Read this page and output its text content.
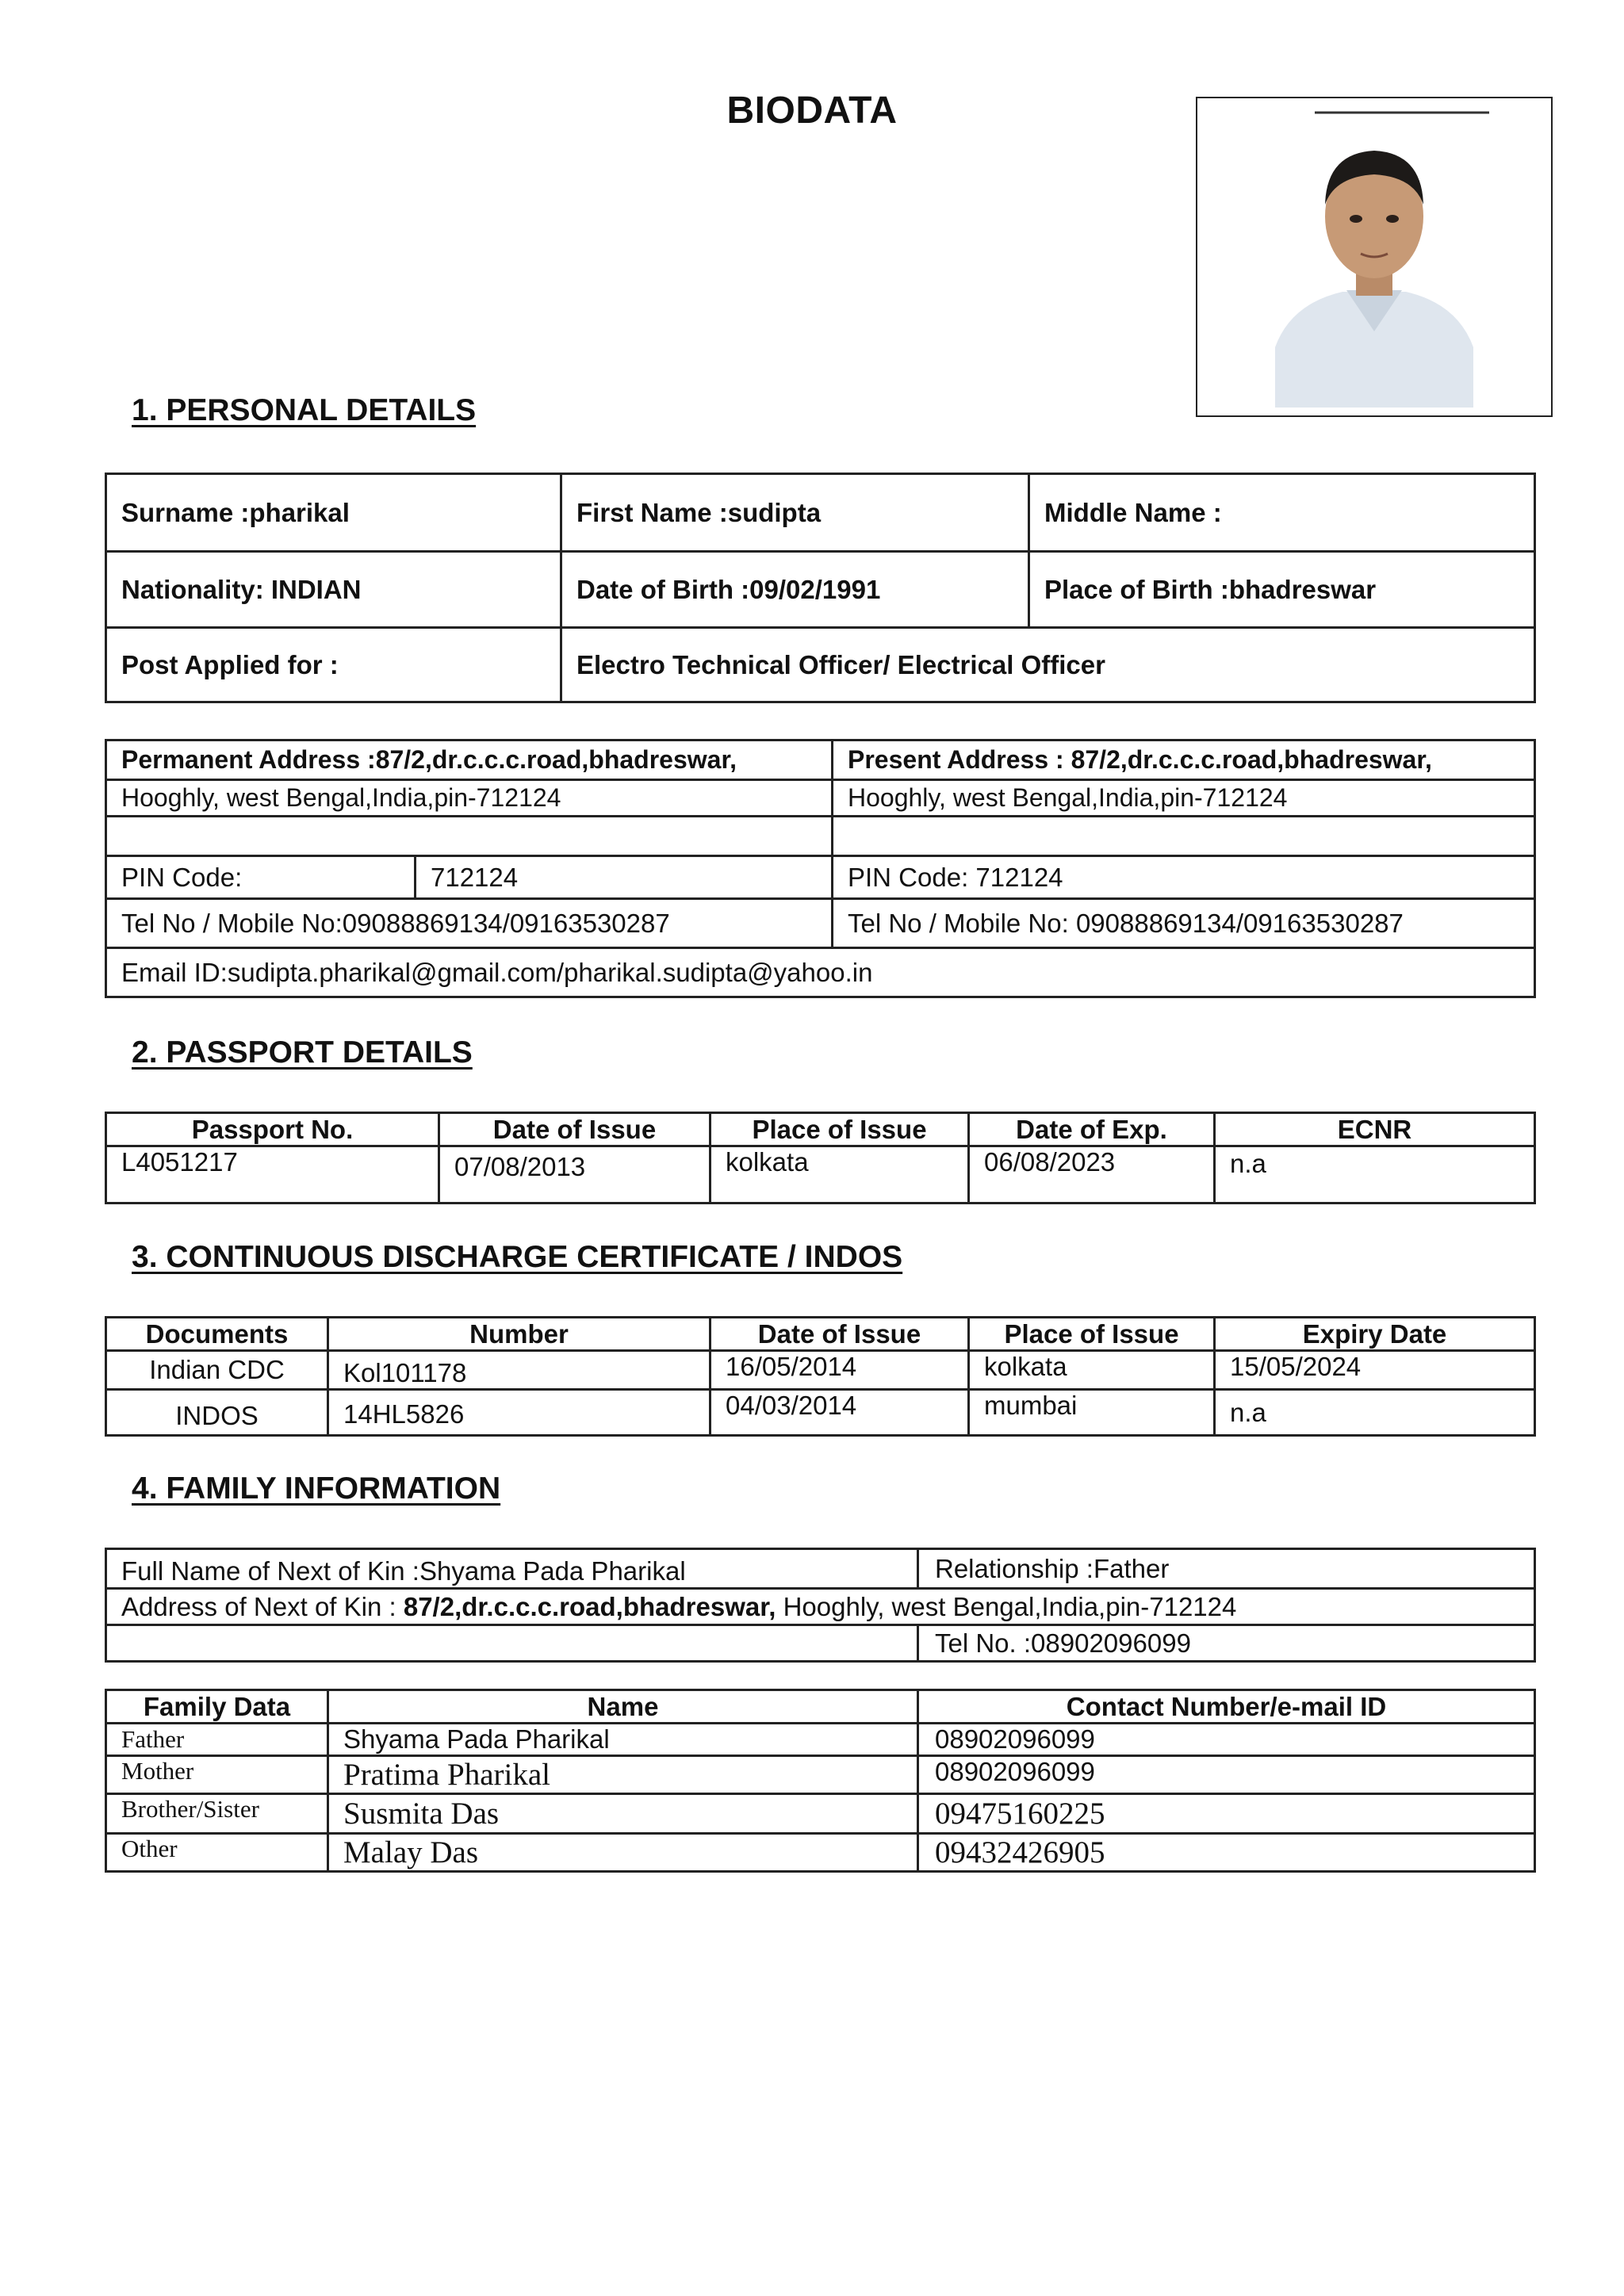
BIODATA
1. PERSONAL DETAILS
Surname :pharikal	First Name :sudipta	Middle Name :
Nationality: INDIAN	Date of Birth :09/02/1991	Place of Birth :bhadreswar
Post Applied for :	Electro Technical Officer/ Electrical Officer	
Permanent Address :87/2,dr.c.c.c.road,bhadreswar,		Present Address : 87/2,dr.c.c.c.road,bhadreswar,
Hooghly, west Bengal,India,pin-712124		Hooghly, west Bengal,India,pin-712124

PIN Code:	712124	PIN Code: 712124
Tel No / Mobile No:09088869134/09163530287		Tel No / Mobile No: 09088869134/09163530287
Email ID:sudipta.pharikal@gmail.com/pharikal.sudipta@yahoo.in		
2. PASSPORT DETAILS
Passport No.	Date of Issue	Place of Issue	Date of Exp.	ECNR
L4051217	07/08/2013	kolkata	06/08/2023	n.a
3. CONTINUOUS DISCHARGE CERTIFICATE / INDOS
Documents	Number	Date of Issue	Place of Issue	Expiry Date
Indian CDC	Kol101178	16/05/2014	kolkata	15/05/2024
INDOS	14HL5826	04/03/2014	mumbai	n.a
4. FAMILY INFORMATION
Full Name of Next of Kin :Shyama Pada Pharikal	Relationship :Father
Address of Next of Kin : 87/2,dr.c.c.c.road,bhadreswar, Hooghly, west Bengal,India,pin-712124	
	Tel No. :08902096099
Family Data	Name	Contact Number/e-mail ID
Father	Shyama Pada Pharikal	08902096099
Mother	Pratima Pharikal	08902096099
Brother/Sister	Susmita Das	09475160225
Other	Malay Das	09432426905
